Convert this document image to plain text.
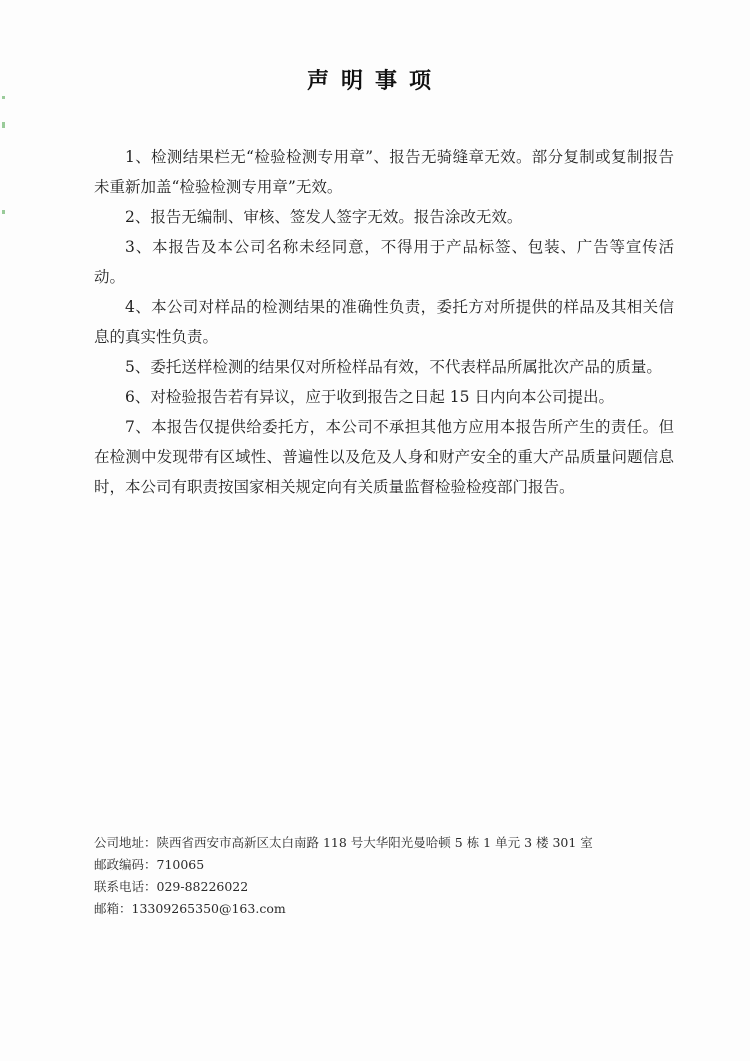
声明事项

1、检测结果栏无“检验检测专用章”、报告无骑缝章无效。部分复制或复制报告未重新加盖“检验检测专用章”无效。

2、报告无编制、审核、签发人签字无效。报告涂改无效。

3、本报告及本公司名称未经同意，不得用于产品标签、包装、广告等宣传活动。

4、本公司对样品的检测结果的准确性负责，委托方对所提供的样品及其相关信息的真实性负责。

5、委托送样检测的结果仅对所检样品有效，不代表样品所属批次产品的质量。

6、对检验报告若有异议，应于收到报告之日起 15 日内向本公司提出。

7、本报告仅提供给委托方，本公司不承担其他方应用本报告所产生的责任。但在检测中发现带有区域性、普遍性以及危及人身和财产安全的重大产品质量问题信息时，本公司有职责按国家相关规定向有关质量监督检验检疫部门报告。

公司地址：陕西省西安市高新区太白南路 118 号大华阳光曼哈顿 5 栋 1 单元 3 楼 301 室
邮政编码：710065
联系电话：029-88226022
邮箱：13309265350@163.com
